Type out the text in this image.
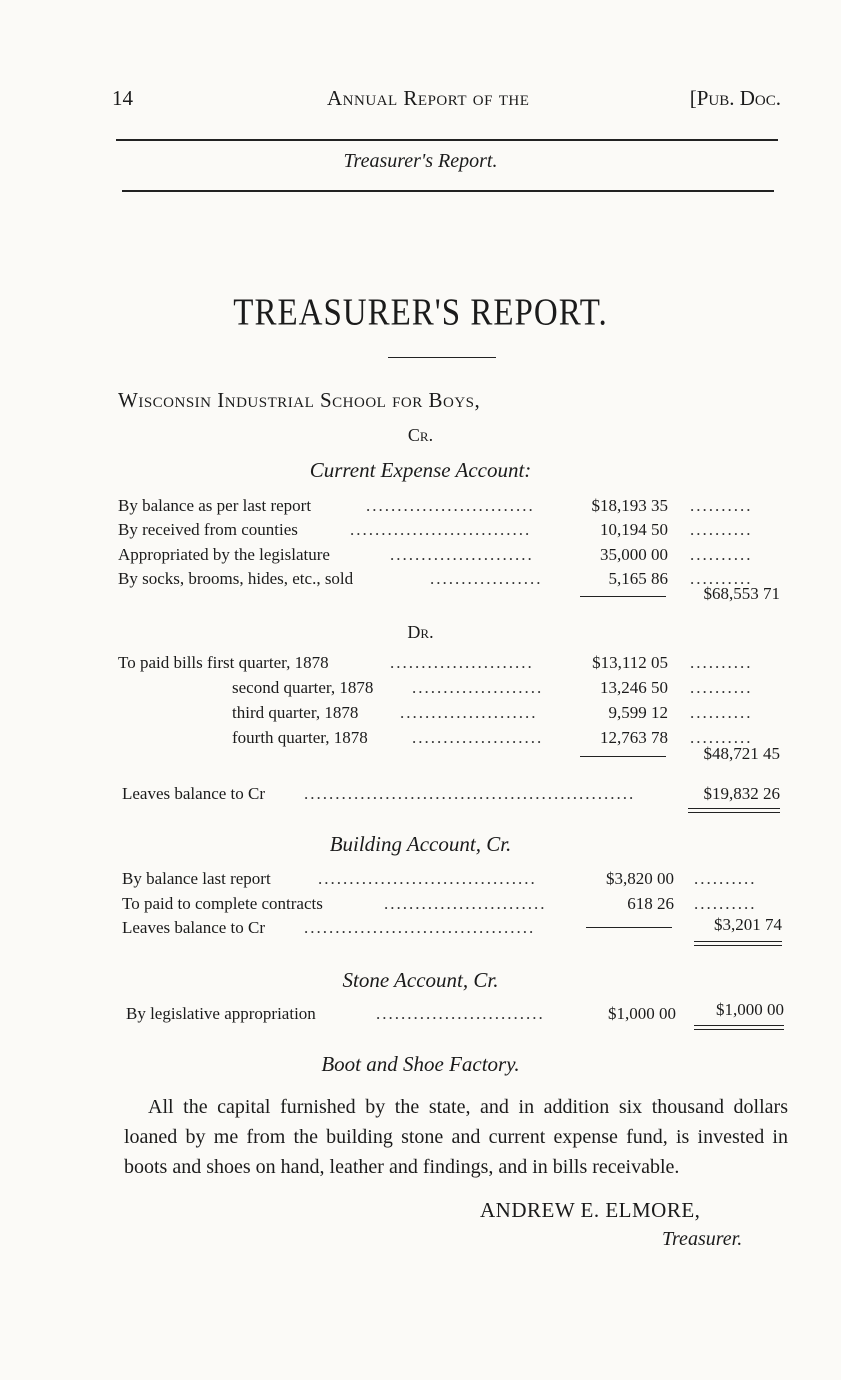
14	Annual Report of the	[Pub. Doc.
Treasurer's Report.
TREASURER'S REPORT.
Wisconsin Industrial School for Boys,
Cr.
Current Expense Account:
By balance as per last report	...........................	$18,193 35 ..........
By received from counties	.............................	10,194 50 ..........
Appropriated by the legislature	.......................	35,000 00 ..........
By socks, brooms, hides, etc., sold	..................	5,165 86 ..........
$68,553 71
Dr.
To paid bills first quarter, 1878	.......................	$13,112 05 ..........
second quarter, 1878 .....................	13,246 50 ..........
third quarter, 1878 ......................	9,599 12 ..........
fourth quarter, 1878	.....................	12,763 78 ..........
$48,721 45
Leaves balance to Cr .....................................................	$19,832 26
Building Account, Cr.
By balance last report	...................................	$3,820 00 ..........
To paid to complete contracts	..........................	618 26 ..........
Leaves balance to Cr .....................................	$3,201 74
Stone Account, Cr.
By legislative appropriation	...........................	$1,000 00	$1,000 00
Boot and Shoe Factory.
All the capital furnished by the state, and in addition six thousand dollars loaned by me from the building stone and current expense fund, is invested in boots and shoes on hand, leather and findings, and in bills receivable.
ANDREW E. ELMORE,
Treasurer.
